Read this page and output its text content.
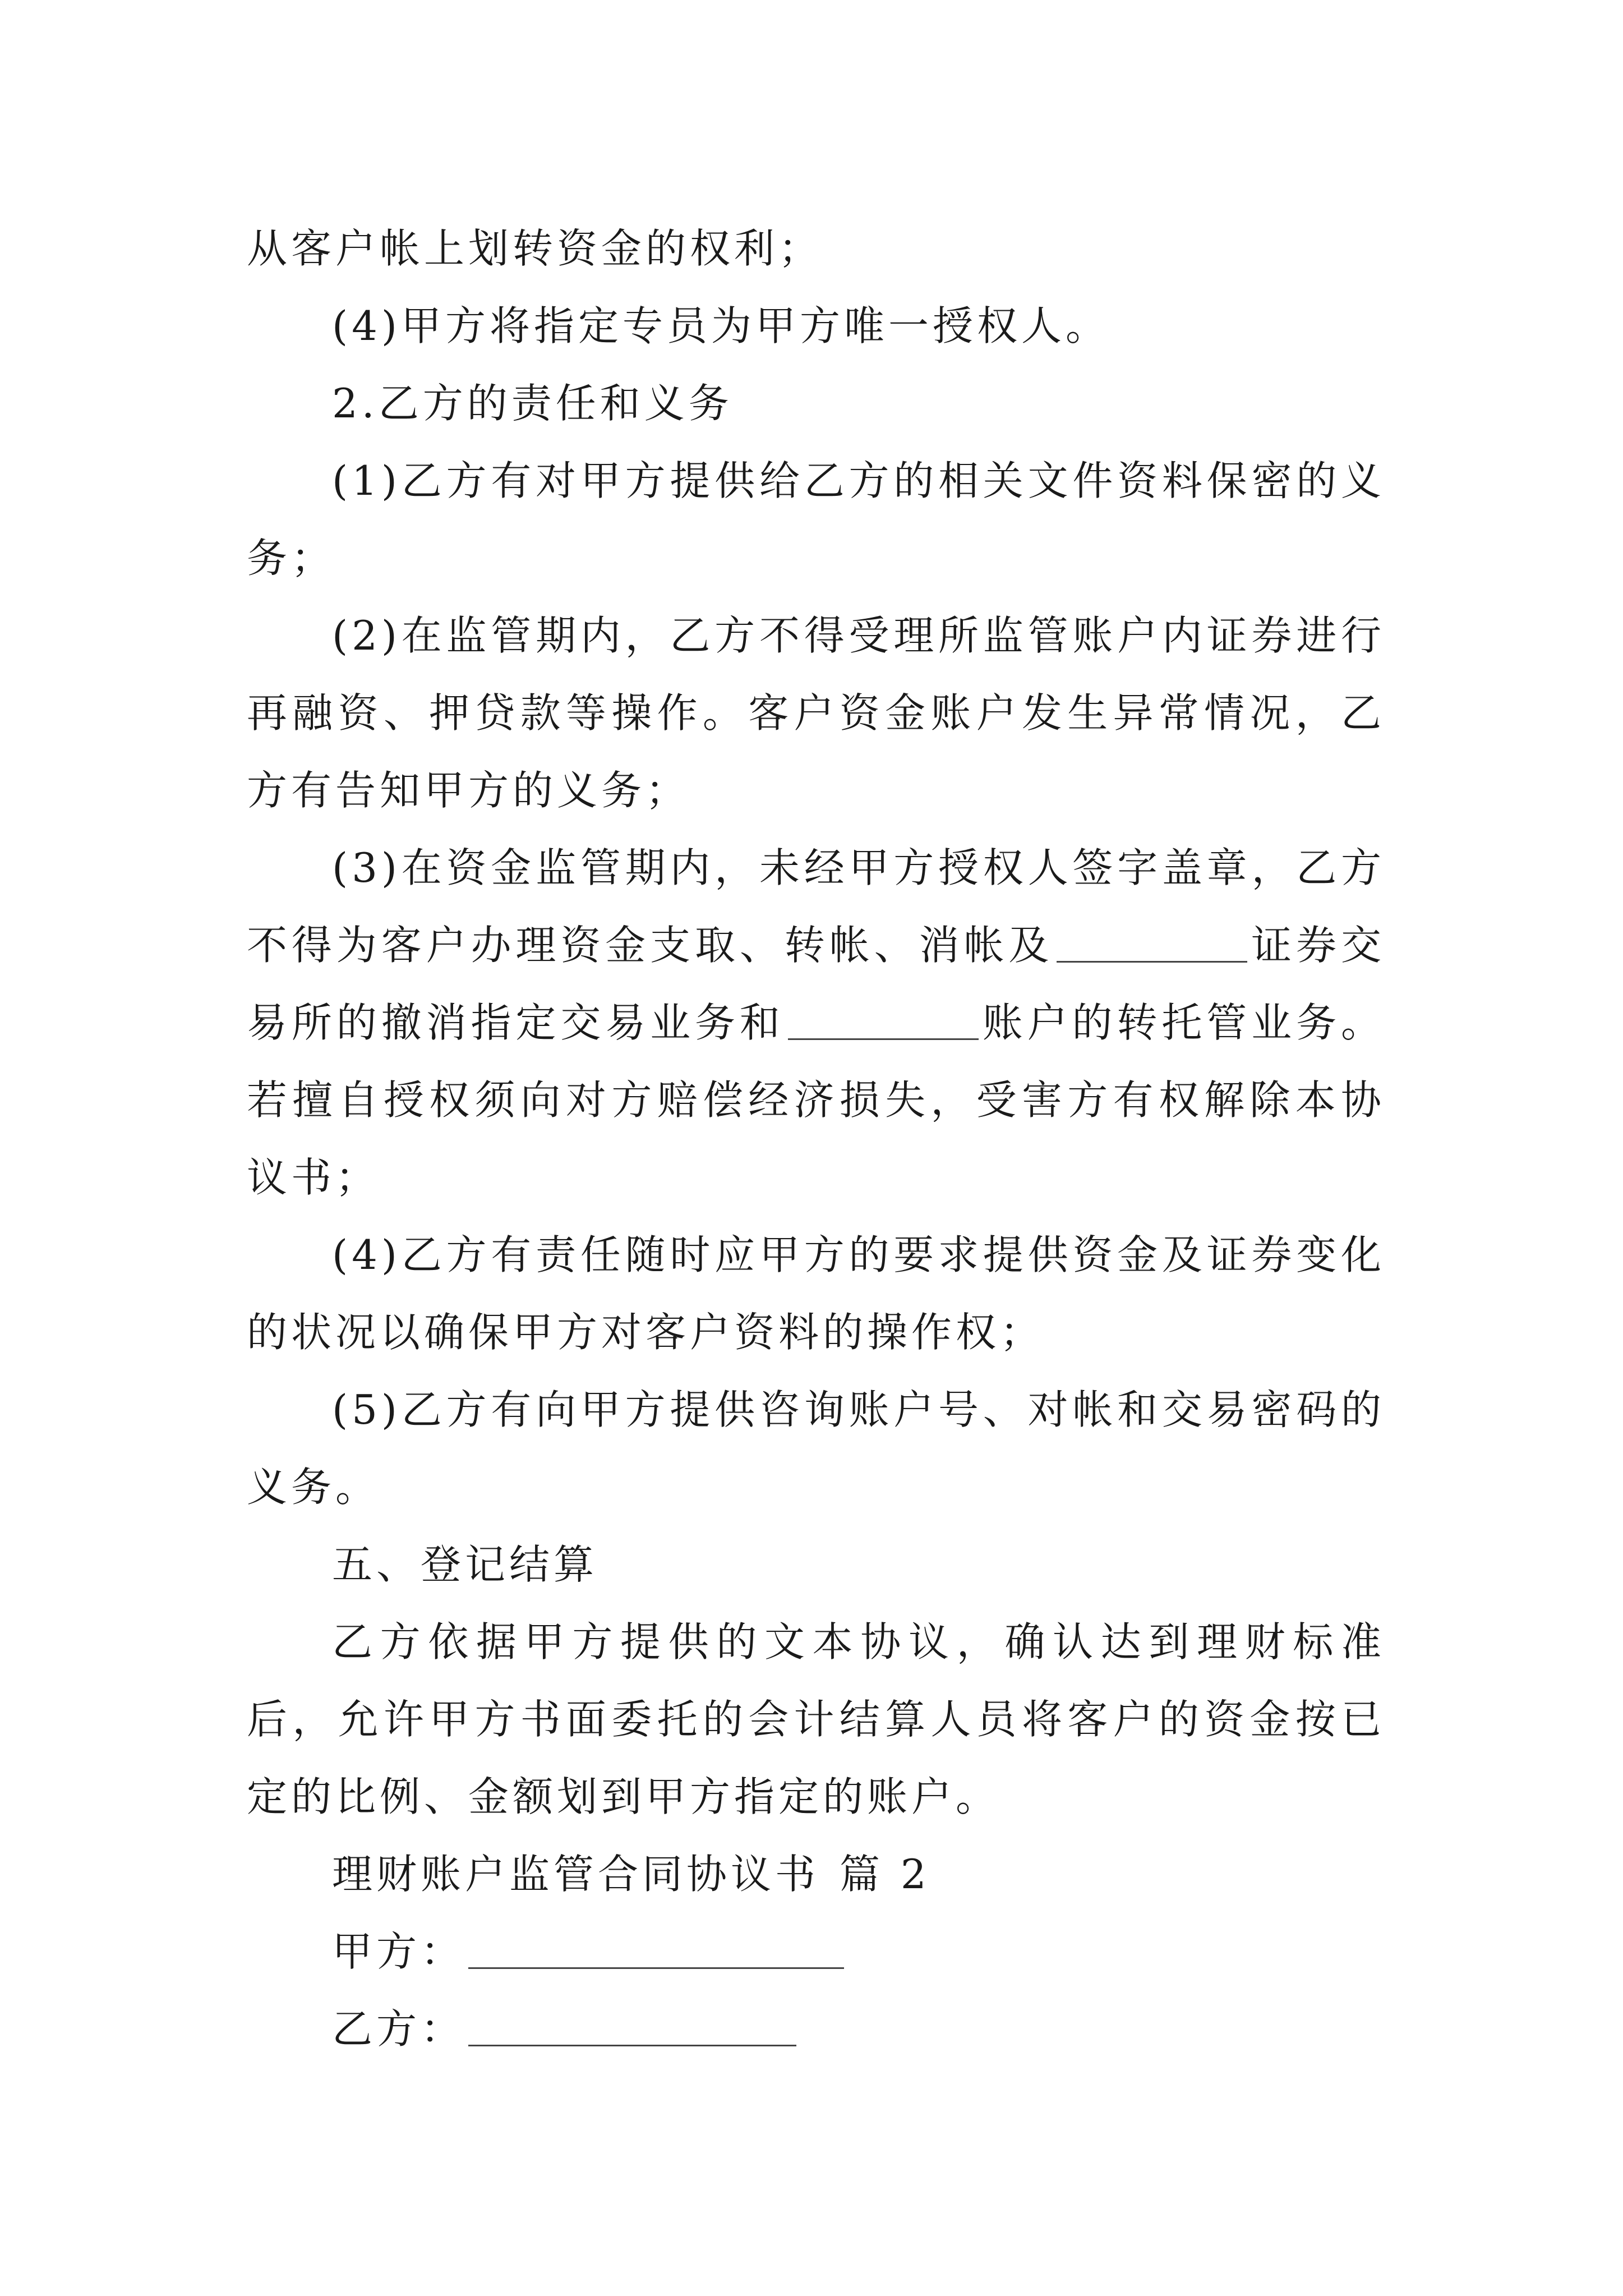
从客户帐上划转资金的权利；

(4)甲方将指定专员为甲方唯一授权人。

2.乙方的责任和义务

(1)乙方有对甲方提供给乙方的相关文件资料保密的义务；

(2)在监管期内，乙方不得受理所监管账户内证券进行再融资、押贷款等操作。客户资金账户发生异常情况，乙方有告知甲方的义务；

(3)在资金监管期内，未经甲方授权人签字盖章，乙方不得为客户办理资金支取、转帐、消帐及	证券交易所的撤消指定交易业务和	账户的转托管业务。若擅自授权须向对方赔偿经济损失，受害方有权解除本协议书；

(4)乙方有责任随时应甲方的要求提供资金及证券变化的状况以确保甲方对客户资料的操作权；

(5)乙方有向甲方提供咨询账户号、对帐和交易密码的义务。

五、登记结算

乙方依据甲方提供的文本协议，确认达到理财标准后，允许甲方书面委托的会计结算人员将客户的资金按已定的比例、金额划到甲方指定的账户。

理财账户监管合同协议书 篇 2

甲方：

乙方：
